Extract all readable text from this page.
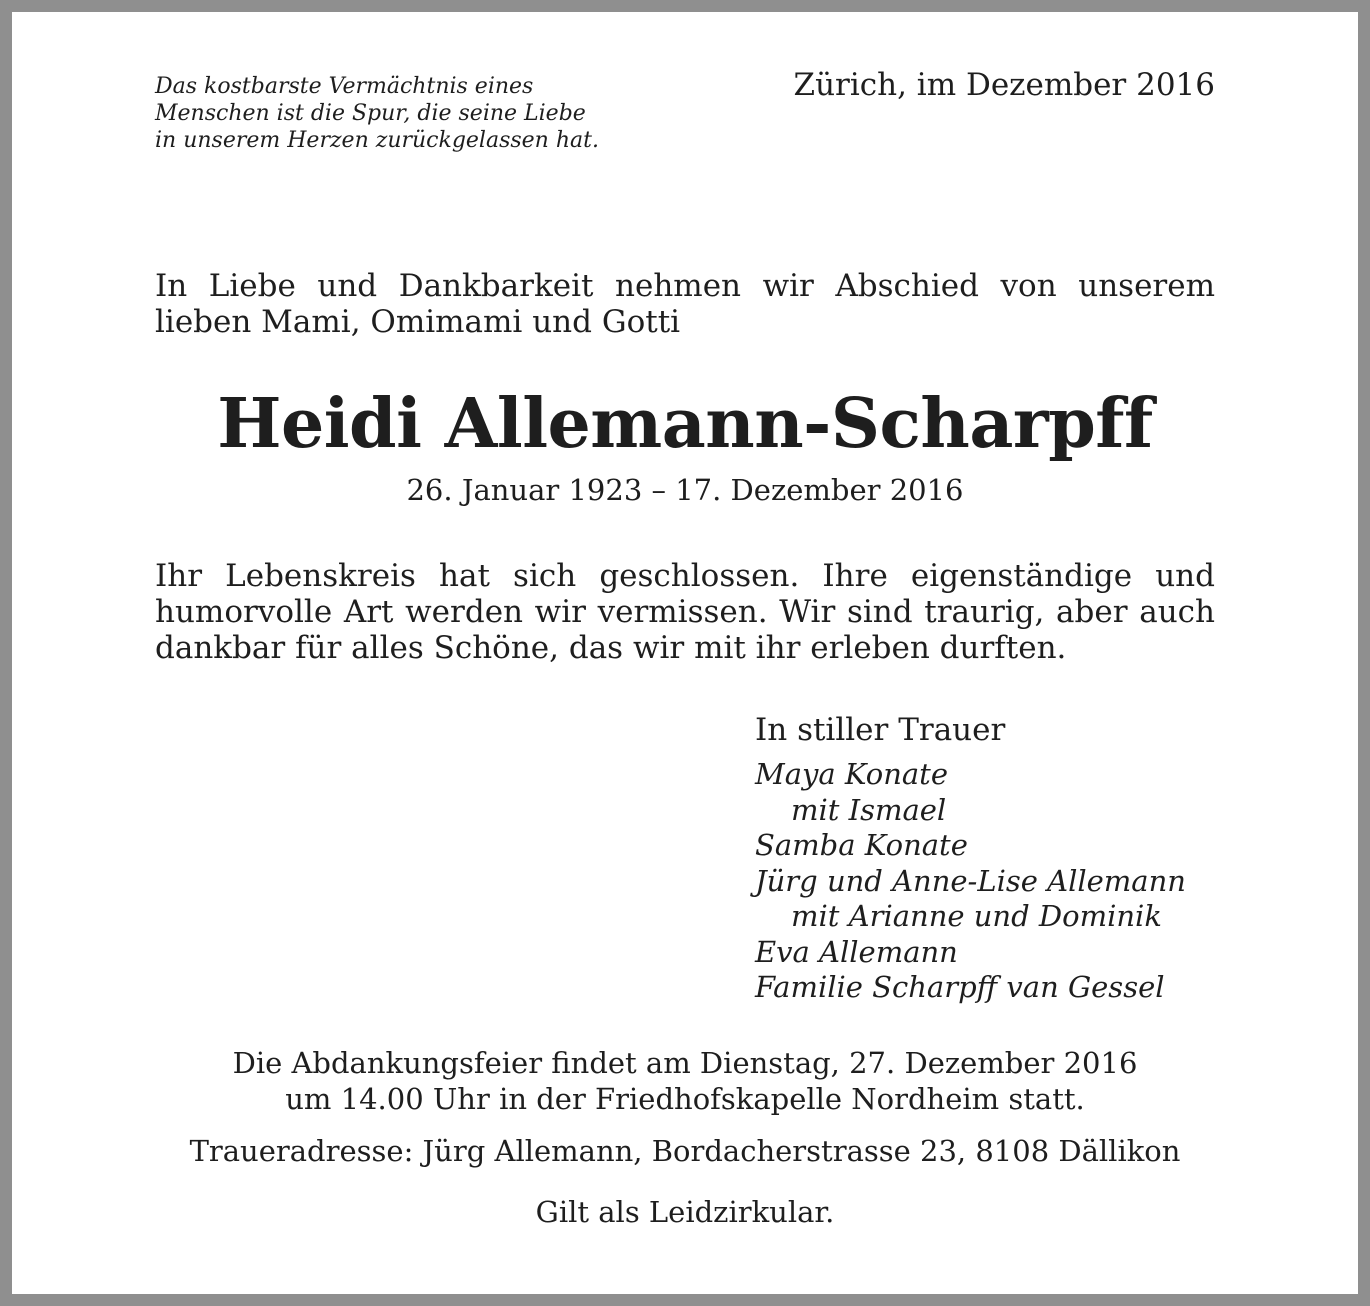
Das kostbarste Vermächtnis eines
Menschen ist die Spur, die seine Liebe
in unserem Herzen zurückgelassen hat.

Zürich, im Dezember 2016

In Liebe und Dankbarkeit nehmen wir Abschied von unserem
lieben Mami, Omimami und Gotti

Heidi Allemann-Scharpff

26. Januar 1923 – 17. Dezember 2016

Ihr Lebenskreis hat sich geschlossen. Ihre eigenständige und
humorvolle Art werden wir vermissen. Wir sind traurig, aber auch
dankbar für alles Schöne, das wir mit ihr erleben durften.

In stiller Trauer

Maya Konate
mit Ismael
Samba Konate
Jürg und Anne-Lise Allemann
mit Arianne und Dominik
Eva Allemann
Familie Scharpff van Gessel

Die Abdankungsfeier findet am Dienstag, 27. Dezember 2016
um 14.00 Uhr in der Friedhofskapelle Nordheim statt.

Traueradresse: Jürg Allemann, Bordacherstrasse 23, 8108 Dällikon

Gilt als Leidzirkular.
